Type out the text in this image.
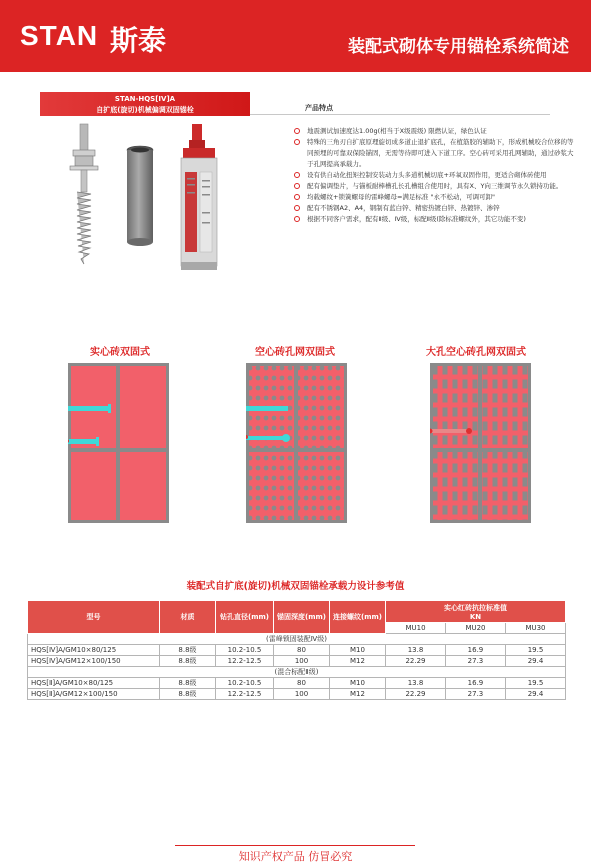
STAN 斯泰	装配式砌体专用锚栓系统简述
STAN-HQS[IV]A
自扩底(旋切)机械偏调双固锚栓	产品特点
地震测试加速度达1.00g(相当于Ⅹ级震级) 限燃认证，绿色认证
特殊的三角刃自扩底原理旋切成多道止退扩底孔，在植筋胶的辅助下，形成机械咬合位移的等同预埋的可靠双保险锚固，无需等待即可进入下道工序。空心砖可采用孔网辅助，通过砂浆大于孔网提高承载力。
设有供自动化扭矩控制安装动力头多道机械切底+环氧双固作用，更适合砌体砖使用
配有偏调垫片，与锚板耐棒槽孔长孔槽组合使用时，具有X、Y向三维调节永久锁持功能。
均载螺纹+锁簧螺母的雷峰螺母=满足标准 "永不松动，可调可卸"
配有不锈钢A2、A4，钢制有蓝白锌、精密热镀白锌、热镀锌、渗锌
根据不同客户需求，配有Ⅱ级、Ⅳ级，标配Ⅱ级(除标准螺纹外，其它功能不变)
实心砖双固式	空心砖孔网双固式	大孔空心砖孔网双固式
装配式自扩底(旋切)机械双固锚栓承载力设计参考值
型号	材质	钻孔直径(mm)	锚固深度(mm)	连接螺纹(mm)	实心红砖抗拉标准值
KN		

					MU10	MU20	MU30
(雷峰锁固装配Ⅳ级)							
HQS[Ⅳ]A/GM10×80/125	8.8级	10.2-10.5	80	M10	13.8	16.9	19.5
HQS[Ⅳ]A/GM12×100/150	8.8级	12.2-12.5	100	M12	22.29	27.3	29.4
(混合标配Ⅱ级)							
HQS[Ⅱ]A/GM10×80/125	8.8级	10.2-10.5	80	M10	13.8	16.9	19.5
HQS[Ⅱ]A/GM12×100/150	8.8级	12.2-12.5	100	M12	22.29	27.3	29.4
知识产权产品 仿冒必究
